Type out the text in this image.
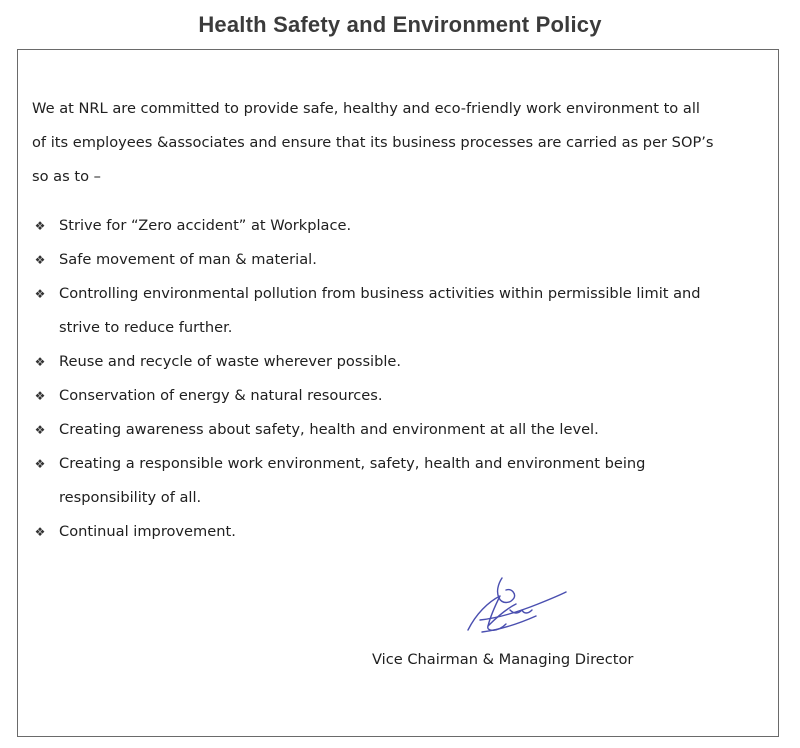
Health Safety and Environment Policy

We at NRL are committed to provide safe, healthy and eco-friendly work environment to all

of its employees &associates and ensure that its business processes are carried as per SOP’s

so as to –

❖ Strive for “Zero accident” at Workplace.
❖ Safe movement of man & material.
❖ Controlling environmental pollution from business activities within permissible limit and
strive to reduce further.
❖ Reuse and recycle of waste wherever possible.
❖ Conservation of energy & natural resources.
❖ Creating awareness about safety, health and environment at all the level.
❖ Creating a responsible work environment, safety, health and environment being
responsibility of all.
❖ Continual improvement.
Vice Chairman & Managing Director
